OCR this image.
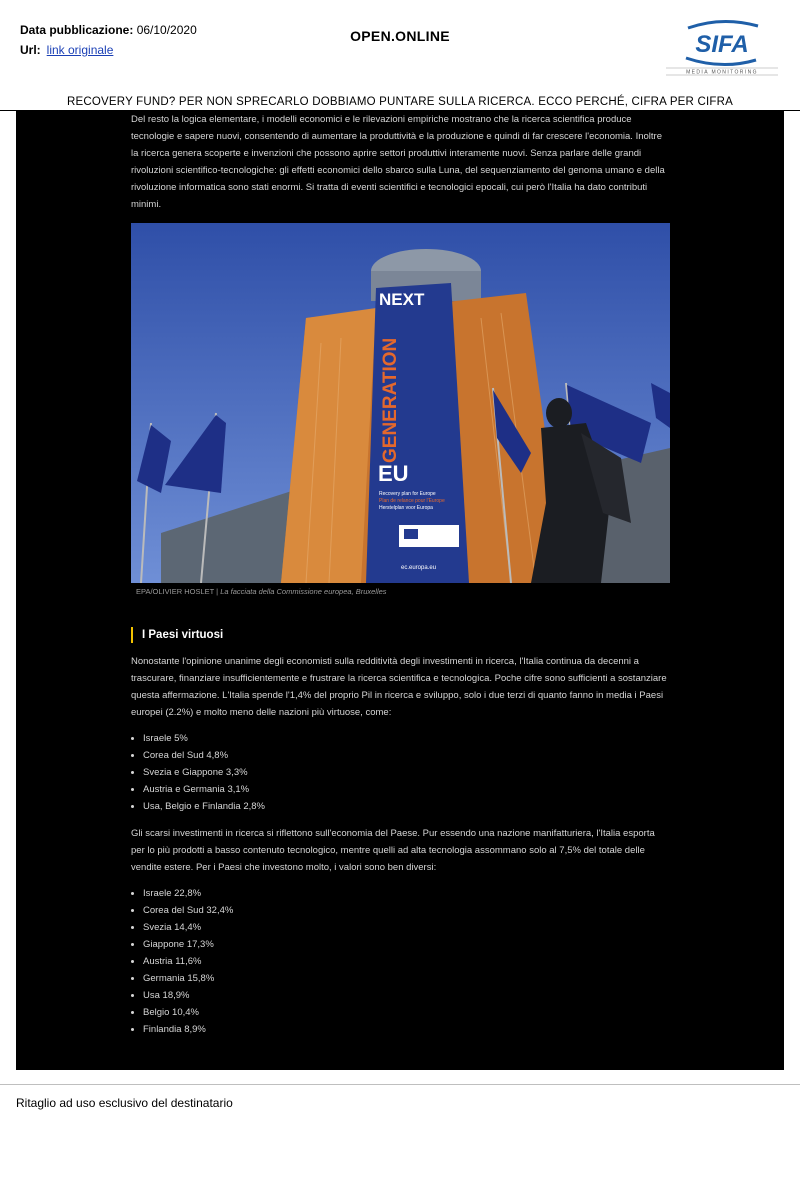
Data pubblicazione: 06/10/2020
Url: link originale
OPEN.ONLINE	SIFA
MEDIA MONITORING
RECOVERY FUND? PER NON SPRECARLO DOBBIAMO PUNTARE SULLA RICERCA. ECCO PERCHÉ, CIFRA PER CIFRA
Del resto la logica elementare, i modelli economici e le rilevazioni empiriche mostrano che la ricerca scientifica produce tecnologie e sapere nuovi, consentendo di aumentare la produttività e la produzione e quindi di far crescere l'economia. Inoltre la ricerca genera scoperte e invenzioni che possono aprire settori produttivi interamente nuovi. Senza parlare delle grandi rivoluzioni scientifico-tecnologiche: gli effetti economici dello sbarco sulla Luna, del sequenziamento del genoma umano e della rivoluzione informatica sono stati enormi. Si tratta di eventi scientifici e tecnologici epocali, cui però l'Italia ha dato contributi minimi.
NEXT
GENERATION
EU
Recovery plan for Europe
Plan de relance pour l'Europe
Herstelplan voor Europa
ec.europa.eu
EPA/OLIVIER HOSLET | La facciata della Commissione europea, Bruxelles
I Paesi virtuosi
Nonostante l'opinione unanime degli economisti sulla redditività degli investimenti in ricerca, l'Italia continua da decenni a trascurare, finanziare insufficientemente e frustrare la ricerca scientifica e tecnologica. Poche cifre sono sufficienti a sostanziare questa affermazione. L'Italia spende l'1,4% del proprio Pil in ricerca e sviluppo, solo i due terzi di quanto fanno in media i Paesi europei (2.2%) e molto meno delle nazioni più virtuose, come:
• Israele 5%
• Corea del Sud 4,8%
• Svezia e Giappone 3,3%
• Austria e Germania 3,1%
• Usa, Belgio e Finlandia 2,8%
Gli scarsi investimenti in ricerca si riflettono sull'economia del Paese. Pur essendo una nazione manifatturiera, l'Italia esporta per lo più prodotti a basso contenuto tecnologico, mentre quelli ad alta tecnologia assommano solo al 7,5% del totale delle vendite estere. Per i Paesi che investono molto, i valori sono ben diversi:
• Israele 22,8%
• Corea del Sud 32,4%
• Svezia 14,4%
• Giappone 17,3%
• Austria 11,6%
• Germania 15,8%
• Usa 18,9%
• Belgio 10,4%
• Finlandia 8,9%
Ritaglio ad uso esclusivo del destinatario
